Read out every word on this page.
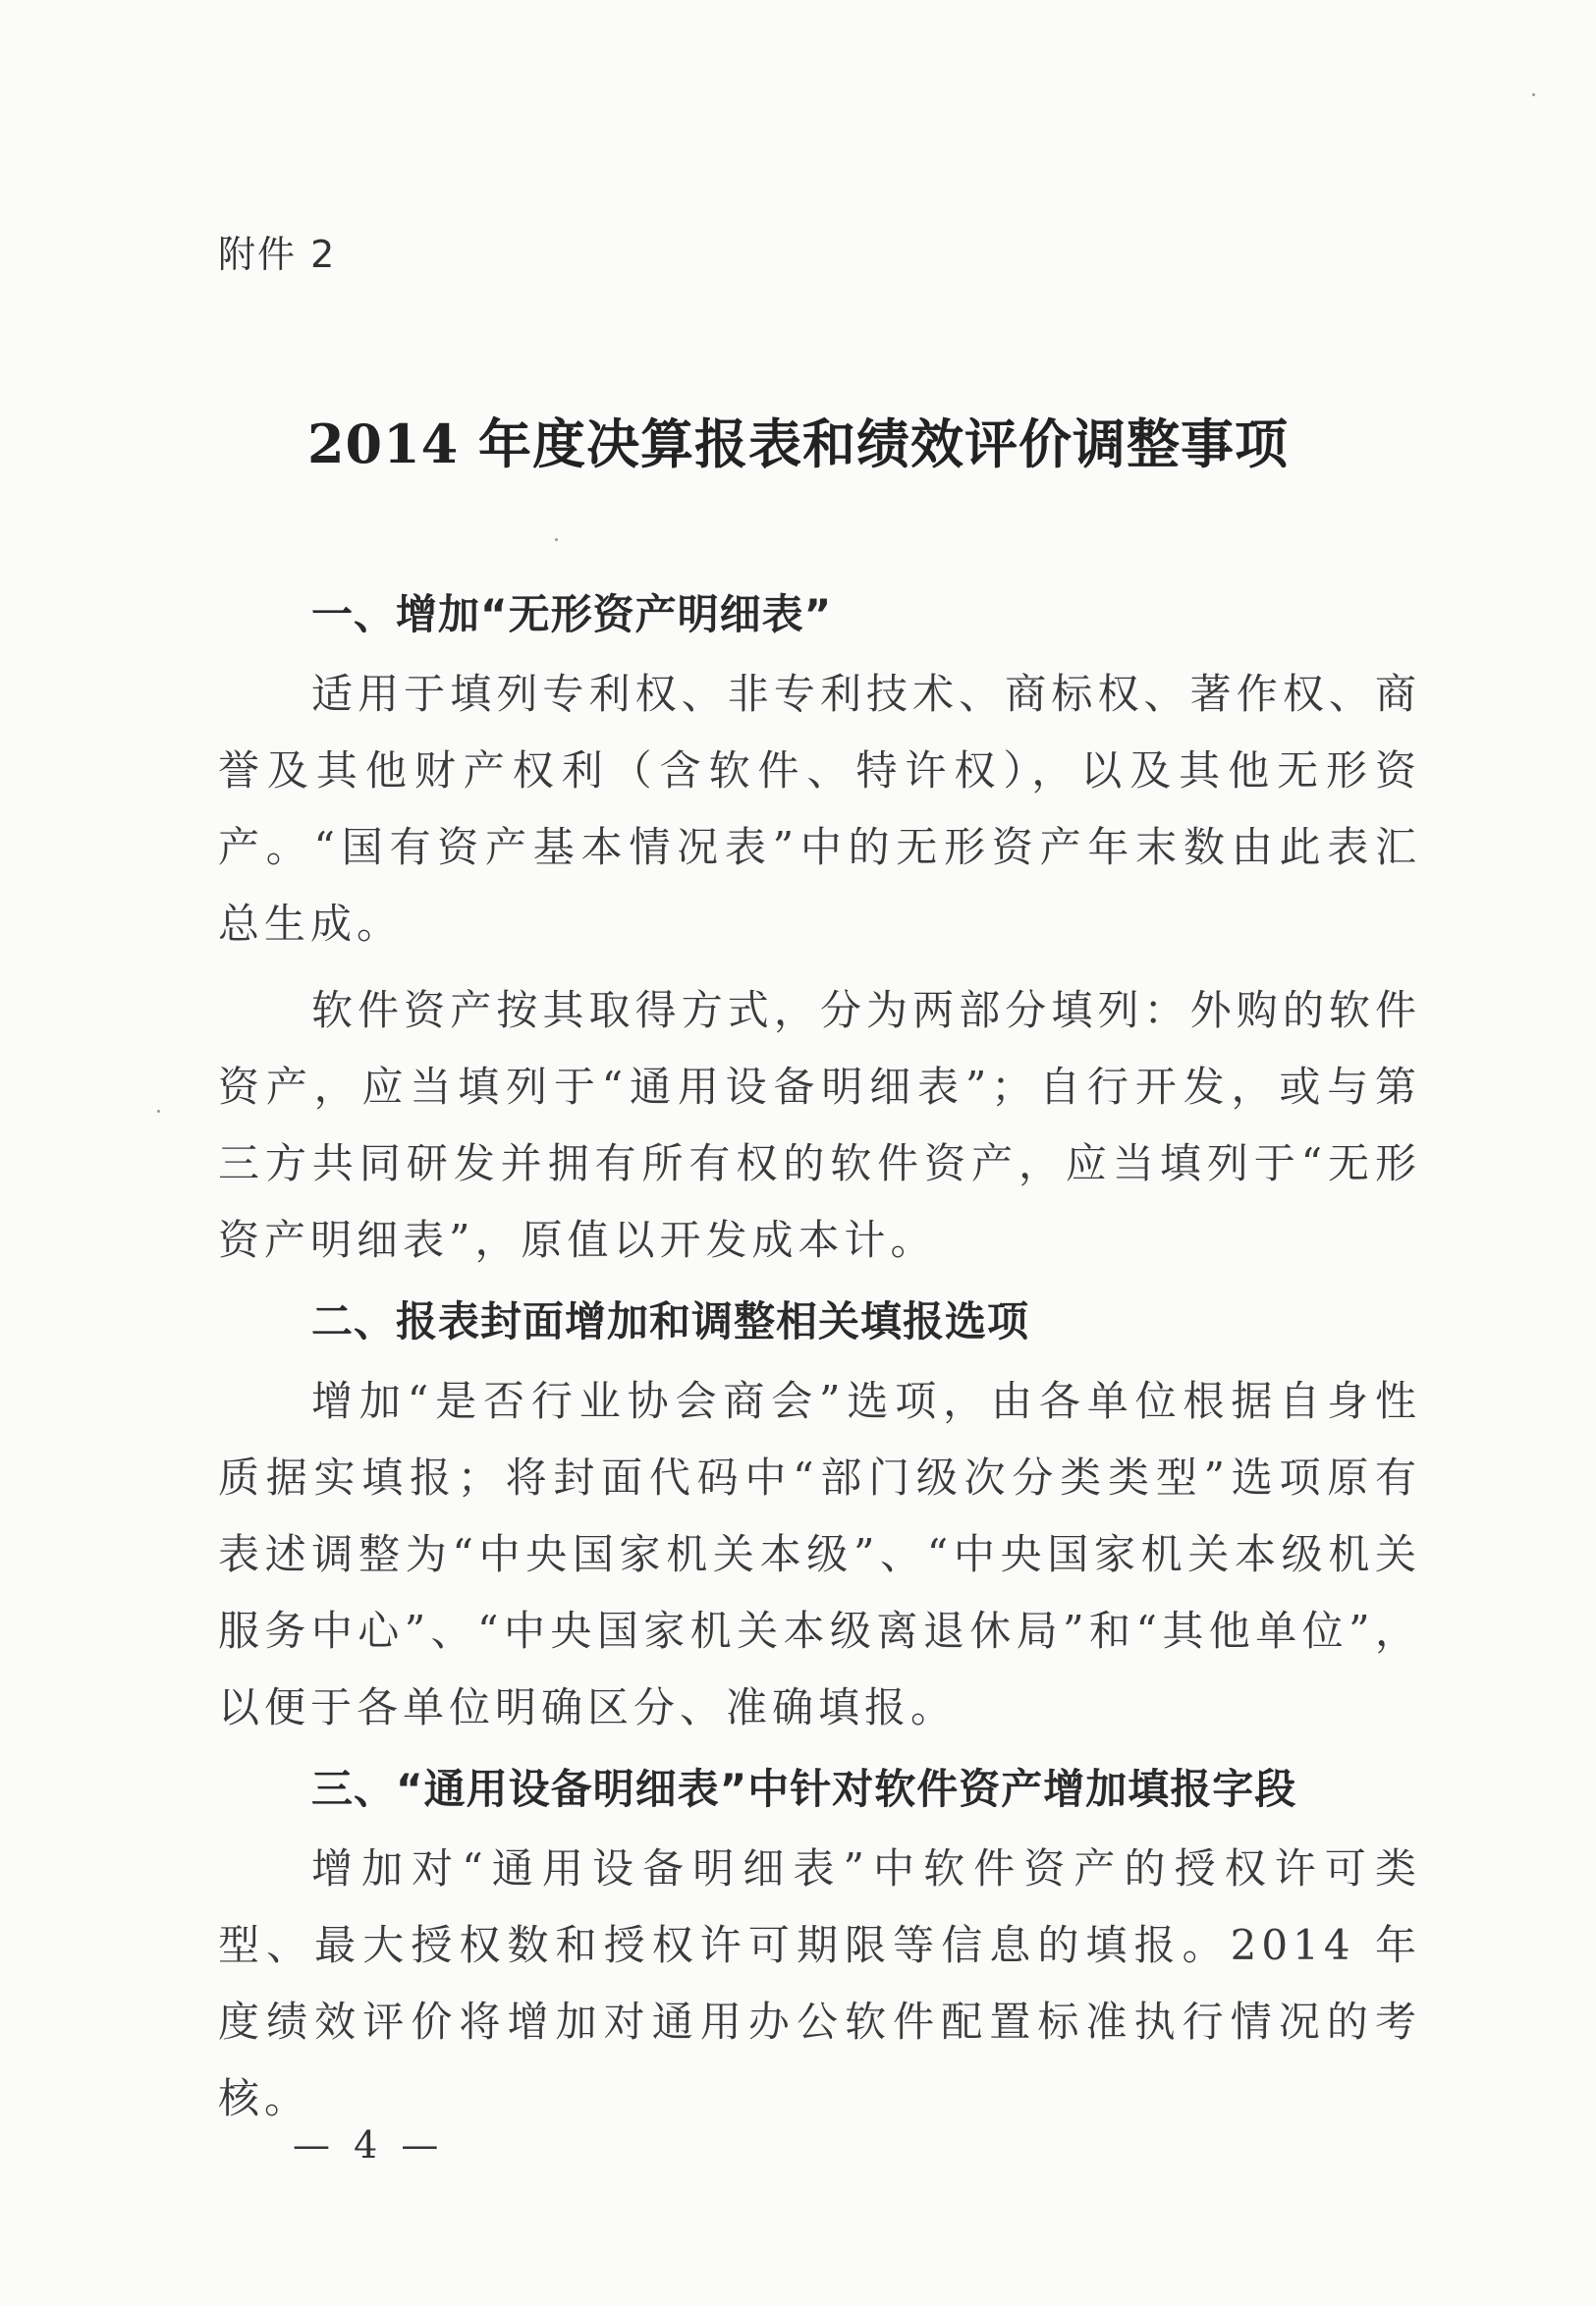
附件 2
2014 年度决算报表和绩效评价调整事项
一、增加“无形资产明细表”

适用于填列专利权、非专利技术、商标权、著作权、商誉及其他财产权利（含软件、特许权），以及其他无形资产。“国有资产基本情况表”中的无形资产年末数由此表汇总生成。

软件资产按其取得方式，分为两部分填列：外购的软件资产，应当填列于“通用设备明细表”；自行开发，或与第三方共同研发并拥有所有权的软件资产，应当填列于“无形资产明细表”，原值以开发成本计。

二、报表封面增加和调整相关填报选项

增加“是否行业协会商会”选项，由各单位根据自身性质据实填报；将封面代码中“部门级次分类类型”选项原有表述调整为“中央国家机关本级”、“中央国家机关本级机关服务中心”、“中央国家机关本级离退休局”和“其他单位”，以便于各单位明确区分、准确填报。

三、“通用设备明细表”中针对软件资产增加填报字段

增加对“通用设备明细表”中软件资产的授权许可类型、最大授权数和授权许可期限等信息的填报。2014 年度绩效评价将增加对通用办公软件配置标准执行情况的考核。

— 4 —
